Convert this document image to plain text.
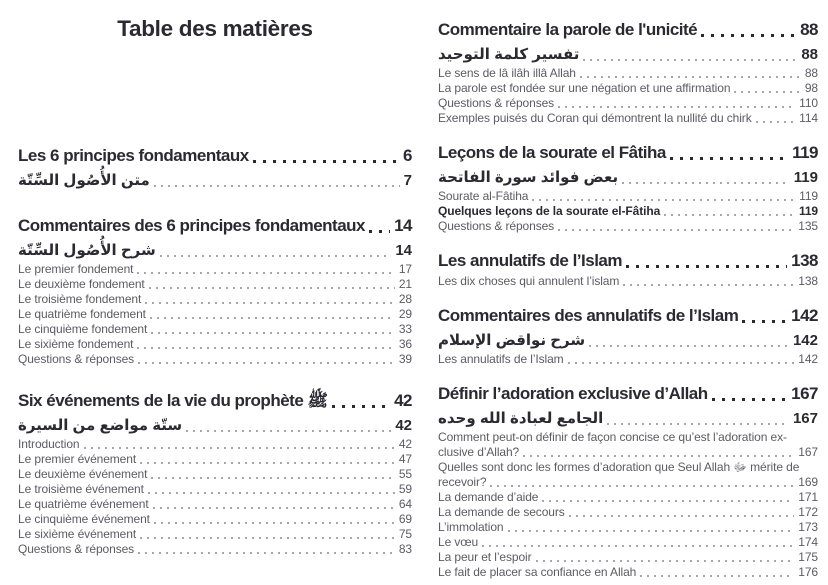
Table des matières
Les 6 principes fondamentaux	6
متن الأُصُول السِّتّة	7
Commentaires des 6 principes fondamentaux 14
شرح الأُصُول السِّتّة	14
Le premier fondement	17
Le deuxième fondement	21
Le troisième fondement	28
Le quatrième fondement	29
Le cinquième fondement	33
Le sixième fondement	36
Questions & réponses	39
Six événements de la vie du prophète ﷺ	42
ستّة مواضع من السيرة	42
Introduction	42
Le premier événement	47
Le deuxième événement	55
Le troisième événement	59
Le quatrième événement	64
Le cinquième événement	69
Le sixième événement	75
Questions & réponses	83
Commentaire la parole de l'unicité	88
تفسير كلمة التوحيد	88
Le sens de lâ ilâh illâ Allah	88
La parole est fondée sur une négation et une affirmation	98
Questions & réponses	110
Exemples puisés du Coran qui démontrent la nullité du chirk	114
Leçons de la sourate el Fâtiha	119
بعض فوائد سورة الفاتحة	119
Sourate al-Fâtiha	119
Quelques leçons de la sourate el-Fâtiha	119
Questions & réponses	135
Les annulatifs de l’Islam	138
Les dix choses qui annulent l’islam	138
Commentaires des annulatifs de l’Islam	142
شرح نواقض الإسلام	142
Les annulatifs de l’Islam	142
Définir l’adoration exclusive d’Allah	167
الجامع لعبادة الله وحده	167
Comment peut-on définir de façon concise ce qu’est l’adoration ex-
clusive d’Allah?	167
Quelles sont donc les formes d’adoration que Seul Allah ﷻ mérite de
recevoir?	169
La demande d’aide	171
La demande de secours	172
L’immolation	173
Le vœu	174
La peur et l’espoir	175
Le fait de placer sa confiance en Allah	176
